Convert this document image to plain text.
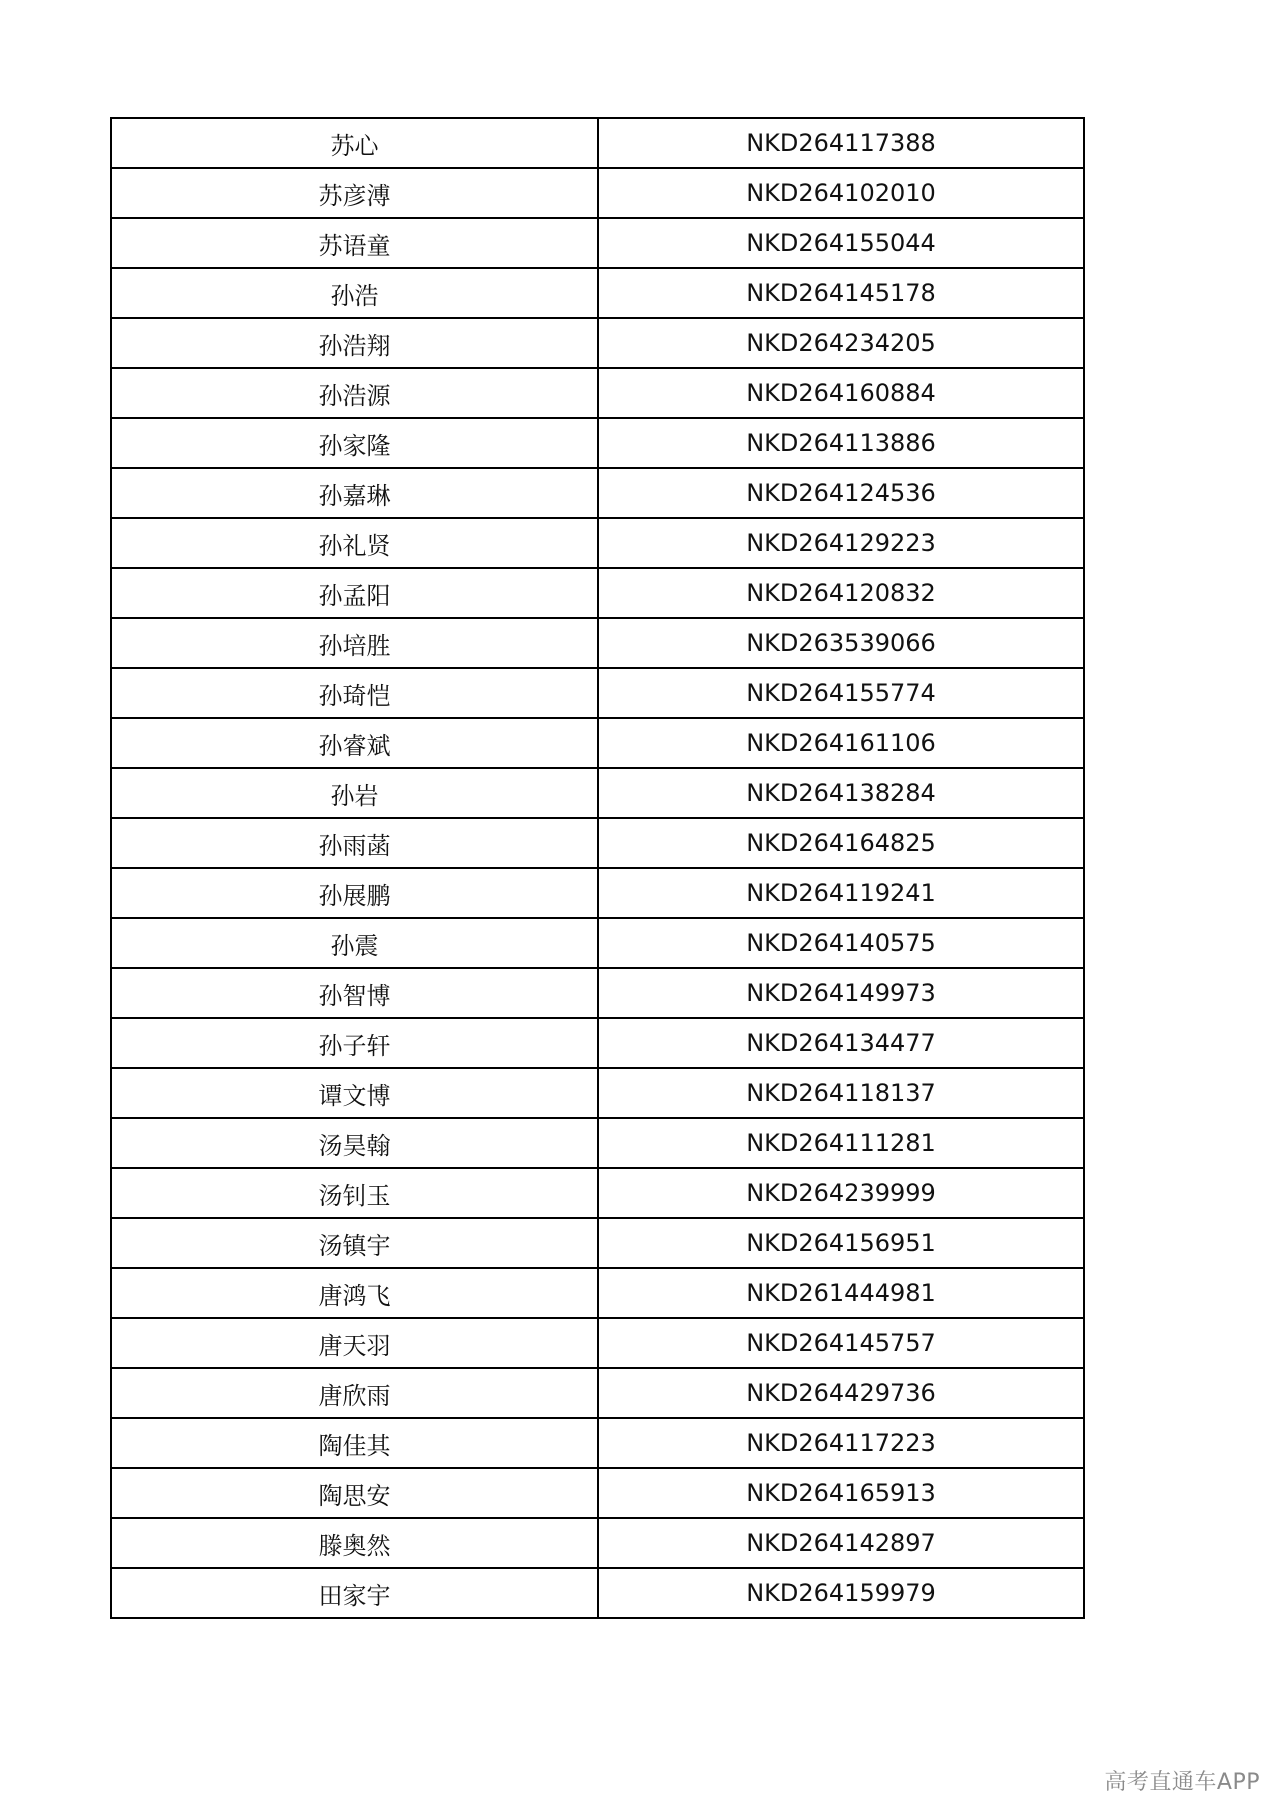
苏心	NKD264117388
苏彦溥	NKD264102010
苏语童	NKD264155044
孙浩	NKD264145178
孙浩翔	NKD264234205
孙浩源	NKD264160884
孙家隆	NKD264113886
孙嘉琳	NKD264124536
孙礼贤	NKD264129223
孙孟阳	NKD264120832
孙培胜	NKD263539066
孙琦恺	NKD264155774
孙睿斌	NKD264161106
孙岩	NKD264138284
孙雨菡	NKD264164825
孙展鹏	NKD264119241
孙震	NKD264140575
孙智博	NKD264149973
孙子轩	NKD264134477
谭文博	NKD264118137
汤昊翰	NKD264111281
汤钊玉	NKD264239999
汤镇宇	NKD264156951
唐鸿飞	NKD261444981
唐天羽	NKD264145757
唐欣雨	NKD264429736
陶佳其	NKD264117223
陶思安	NKD264165913
滕奥然	NKD264142897
田家宇	NKD264159979
高考直通车APP
